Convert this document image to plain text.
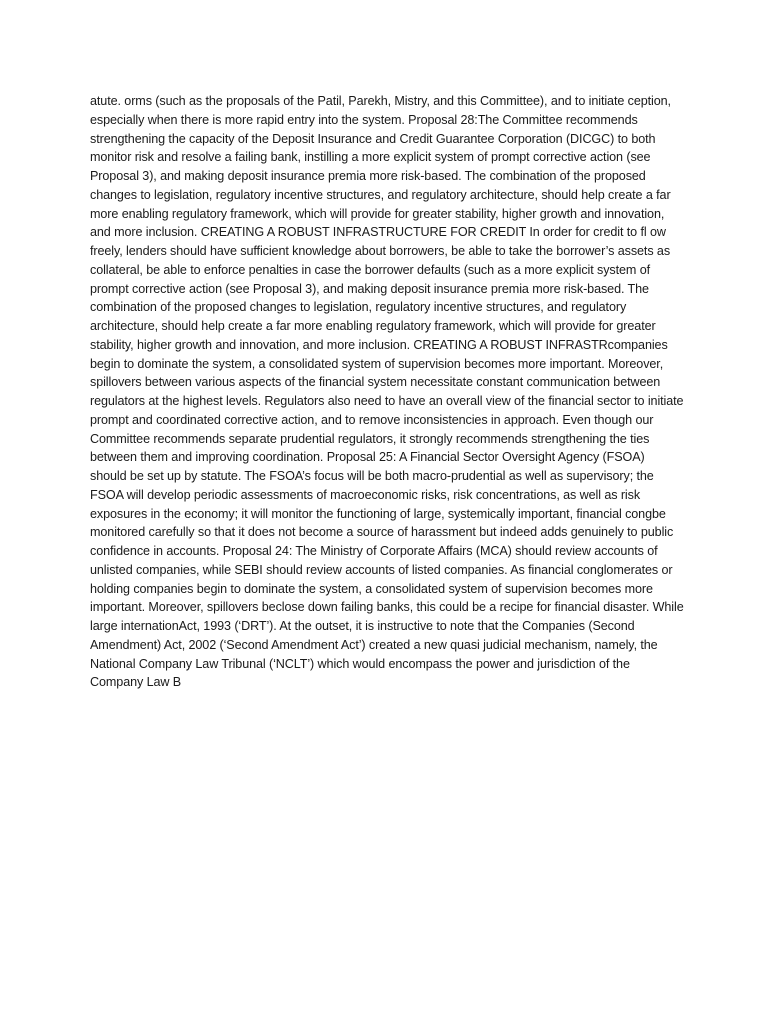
atute. orms (such as the proposals of the Patil, Parekh, Mistry, and this Committee), and to initiate ception, especially when there is more rapid entry into the system. Proposal 28:The Committee recommends strengthening the capacity of the Deposit Insurance and Credit Guarantee Corporation (DICGC) to both monitor risk and resolve a failing bank, instilling a more explicit system of prompt corrective action (see Proposal 3), and making deposit insurance premia more risk-based. The combination of the proposed changes to legislation, regulatory incentive structures, and regulatory architecture, should help create a far more enabling regulatory framework, which will provide for greater stability, higher growth and innovation, and more inclusion. CREATING A ROBUST INFRASTRUCTURE FOR CREDIT In order for credit to fl ow freely, lenders should have sufficient knowledge about borrowers, be able to take the borrower’s assets as collateral, be able to enforce penalties in case the borrower defaults (such as a more explicit system of prompt corrective action (see Proposal 3), and making deposit insurance premia more risk-based. The combination of the proposed changes to legislation, regulatory incentive structures, and regulatory architecture, should help create a far more enabling regulatory framework, which will provide for greater stability, higher growth and innovation, and more inclusion. CREATING A ROBUST INFRASTRcompanies begin to dominate the system, a consolidated system of supervision becomes more important. Moreover, spillovers between various aspects of the financial system necessitate constant communication between regulators at the highest levels. Regulators also need to have an overall view of the financial sector to initiate prompt and coordinated corrective action, and to remove inconsistencies in approach. Even though our Committee recommends separate prudential regulators, it strongly recommends strengthening the ties between them and improving coordination. Proposal 25: A Financial Sector Oversight Agency (FSOA) should be set up by statute. The FSOA’s focus will be both macro-prudential as well as supervisory; the FSOA will develop periodic assessments of macroeconomic risks, risk concentrations, as well as risk exposures in the economy; it will monitor the functioning of large, systemically important, financial congbe monitored carefully so that it does not become a source of harassment but indeed adds genuinely to public confidence in accounts. Proposal 24: The Ministry of Corporate Affairs (MCA) should review accounts of unlisted companies, while SEBI should review accounts of listed companies. As financial conglomerates or holding companies begin to dominate the system, a consolidated system of supervision becomes more important. Moreover, spillovers beclose down failing banks, this could be a recipe for financial disaster. While large internationAct, 1993 (‘DRT’). At the outset, it is instructive to note that the Companies (Second Amendment) Act, 2002 (‘Second Amendment Act’) created a new quasi judicial mechanism, namely, the National Company Law Tribunal (‘NCLT’) which would encompass the power and jurisdiction of the Company Law B
